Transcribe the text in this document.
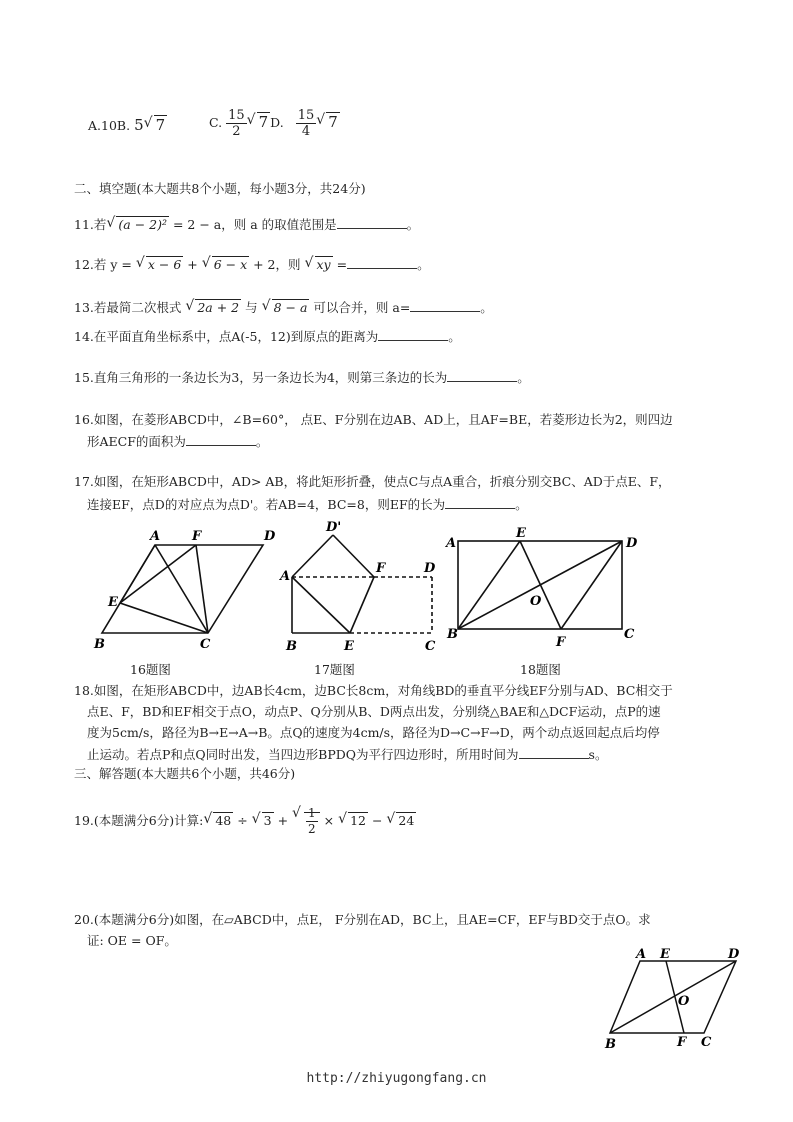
A.10B. 5 √ 7	C. $\frac{15}{2}$ √ 7 D. $\frac{15}{4}$ √ 7
二、填空题(本大题共8个小题，每小题3分，共24分)
11.若 √ (a − 2)² = 2 − a，则 a 的取值范围是	。
12.若 y = √ x − 6 + √ 6 − x + 2，则 √ xy =	。
13.若最简二次根式 √ 2a + 2 与 √ 8 − a 可以合并，则 a=	。
14.在平面直角坐标系中，点A(-5，12)到原点的距离为	。
15.直角三角形的一条边长为3，另一条边长为4，则第三条边的长为	。
16.如图，在菱形ABCD中，∠B=60°， 点E、F分别在边AB、AD上，且AF=BE，若菱形边长为2，则四边
形AECF的面积为	。
17.如图，在矩形ABCD中，AD> AB，将此矩形折叠，使点C与点A重合，折痕分别交BC、AD于点E、F，
连接EF，点D的对应点为点D'。若AB=4，BC=8，则EF的长为	。
A F	D
E
B	C
D'
A
F	D
B	E	C
A
E
D
O
B
F
C
16题图	17题图	18题图
18.如图，在矩形ABCD中，边AB长4cm，边BC长8cm，对角线BD的垂直平分线EF分别与AD、BC相交于
点E、F，BD和EF相交于点O，动点P、Q分别从B、D两点出发，分别绕△BAE和△DCF运动，点P的速
度为5cm/s，路径为B→E→A→B。点Q的速度为4cm/s，路径为D→C→F→D，两个动点返回起点后均停
止运动。若点P和点Q同时出发，当四边形BPDQ为平行四边形时，所用时间为	s。
三、解答题(本大题共6个小题，共46分)
19.(本题满分6分)计算: √ 48 ÷ √ 3 + √ $\frac{1}{2}$ × √ 12 − √ 24
20.(本题满分6分)如图，在▱ABCD中，点E， F分别在AD，BC上，且AE=CF，EF与BD交于点O。求
证: OE = OF。
A E	D
O
B	F C
http://zhiyugongfang.cn
